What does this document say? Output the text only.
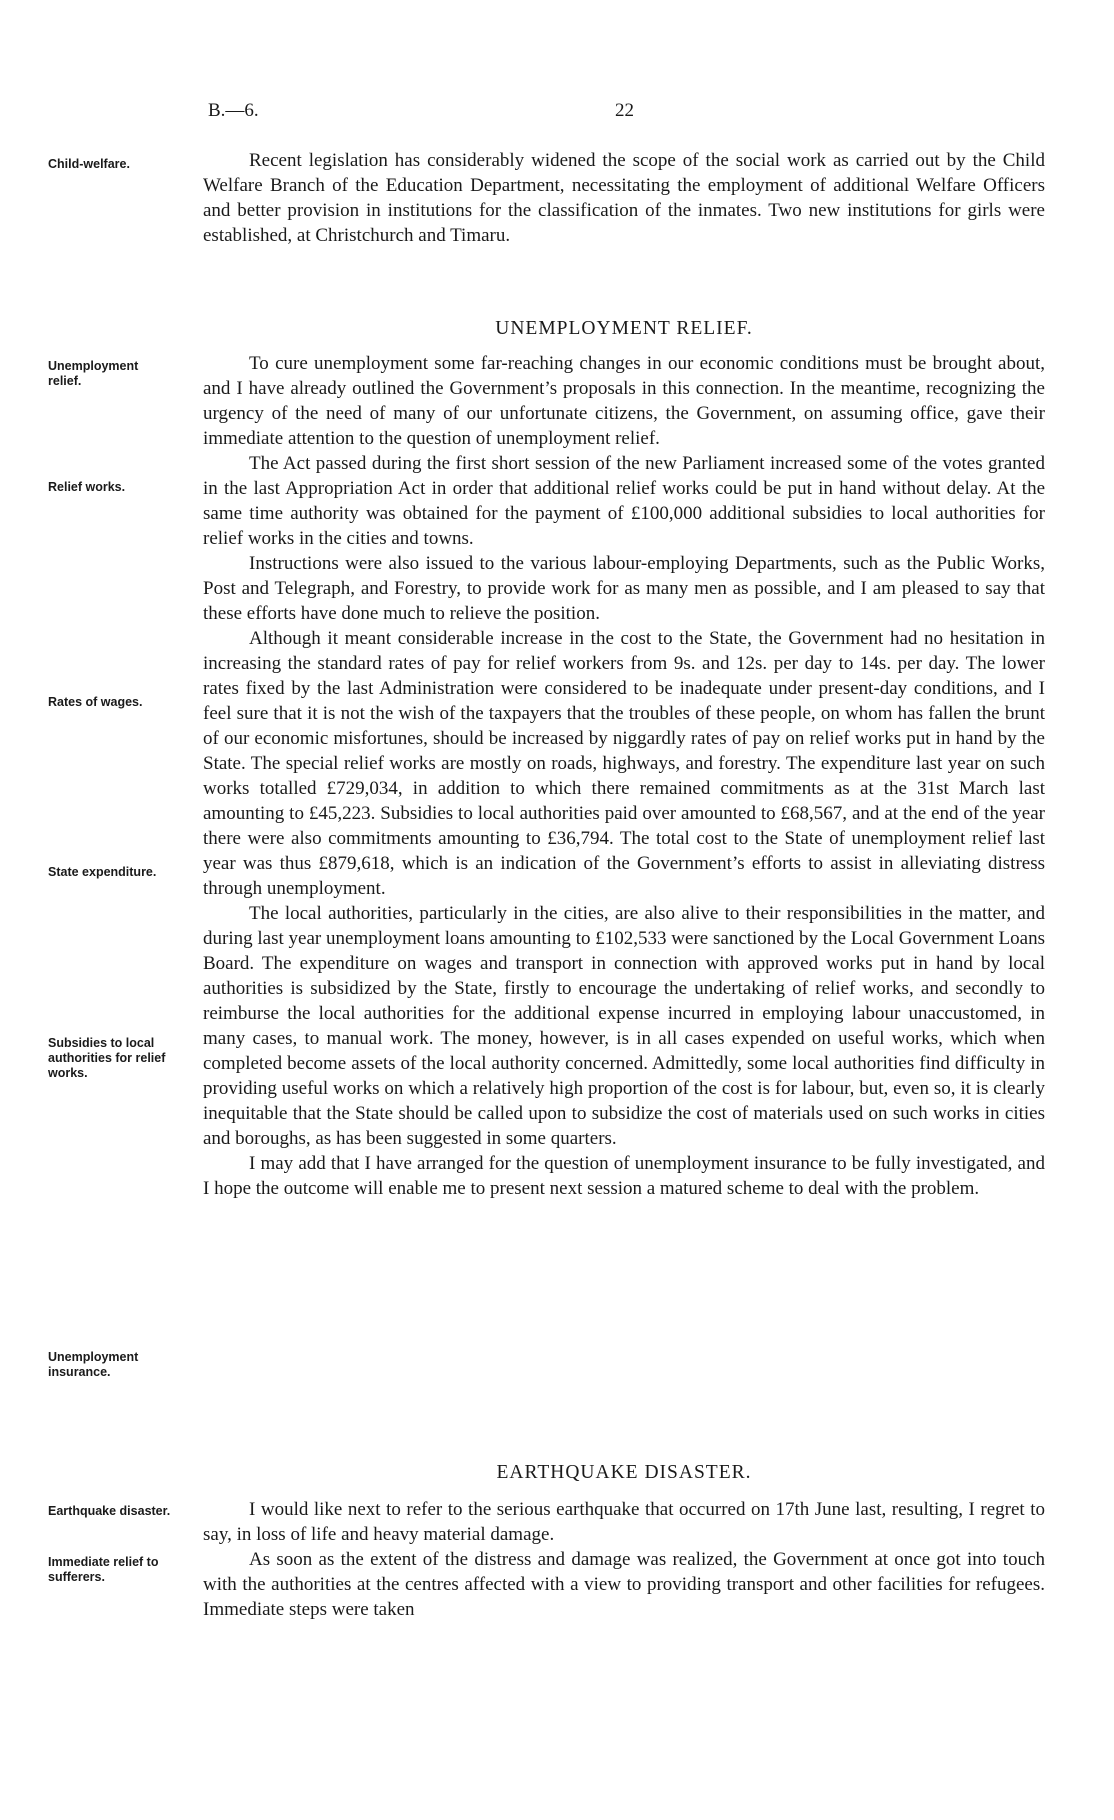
B.—6.	22
Child-welfare.
Unemployment relief.
Relief works.
Rates of wages.
State expenditure.
Subsidies to local authorities for relief works.
Unemployment insurance.
Earthquake disaster.
Immediate relief to sufferers.

Recent legislation has considerably widened the scope of the social work as carried out by the Child Welfare Branch of the Education Department, necessitating the employment of additional Welfare Officers and better provision in institutions for the classification of the inmates. Two new institutions for girls were established, at Christchurch and Timaru.

UNEMPLOYMENT RELIEF.

To cure unemployment some far-reaching changes in our economic conditions must be brought about, and I have already outlined the Government’s proposals in this connection. In the meantime, recognizing the urgency of the need of many of our unfortunate citizens, the Government, on assuming office, gave their immediate attention to the question of unemployment relief.

The Act passed during the first short session of the new Parliament increased some of the votes granted in the last Appropriation Act in order that additional relief works could be put in hand without delay. At the same time authority was obtained for the payment of £100,000 additional subsidies to local authorities for relief works in the cities and towns.

Instructions were also issued to the various labour-employing Departments, such as the Public Works, Post and Telegraph, and Forestry, to provide work for as many men as possible, and I am pleased to say that these efforts have done much to relieve the position.

Although it meant considerable increase in the cost to the State, the Government had no hesitation in increasing the standard rates of pay for relief workers from 9s. and 12s. per day to 14s. per day. The lower rates fixed by the last Administration were considered to be inadequate under present-day conditions, and I feel sure that it is not the wish of the taxpayers that the troubles of these people, on whom has fallen the brunt of our economic misfortunes, should be increased by niggardly rates of pay on relief works put in hand by the State. The special relief works are mostly on roads, highways, and forestry. The expenditure last year on such works totalled £729,034, in addition to which there remained commitments as at the 31st March last amounting to £45,223. Subsidies to local authorities paid over amounted to £68,567, and at the end of the year there were also commitments amounting to £36,794. The total cost to the State of unemployment relief last year was thus £879,618, which is an indication of the Government’s efforts to assist in alleviating distress through unemployment.

The local authorities, particularly in the cities, are also alive to their responsibilities in the matter, and during last year unemployment loans amounting to £102,533 were sanctioned by the Local Government Loans Board. The expenditure on wages and transport in connection with approved works put in hand by local authorities is subsidized by the State, firstly to encourage the undertaking of relief works, and secondly to reimburse the local authorities for the additional expense incurred in employing labour unaccustomed, in many cases, to manual work. The money, however, is in all cases expended on useful works, which when completed become assets of the local authority concerned. Admittedly, some local authorities find difficulty in providing useful works on which a relatively high proportion of the cost is for labour, but, even so, it is clearly inequitable that the State should be called upon to subsidize the cost of materials used on such works in cities and boroughs, as has been suggested in some quarters.

I may add that I have arranged for the question of unemployment insurance to be fully investigated, and I hope the outcome will enable me to present next session a matured scheme to deal with the problem.

EARTHQUAKE DISASTER.

I would like next to refer to the serious earthquake that occurred on 17th June last, resulting, I regret to say, in loss of life and heavy material damage.

As soon as the extent of the distress and damage was realized, the Government at once got into touch with the authorities at the centres affected with a view to providing transport and other facilities for refugees. Immediate steps were taken
